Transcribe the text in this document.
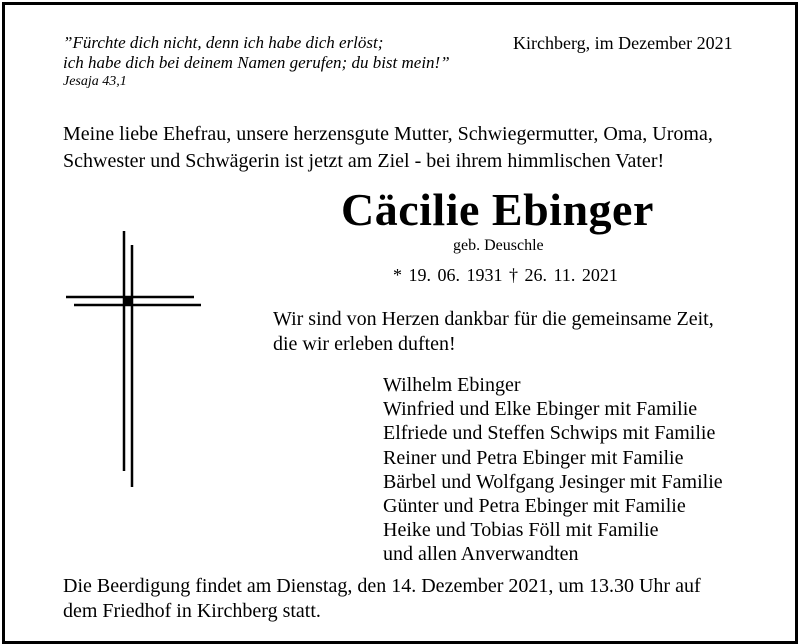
”Fürchte dich nicht, denn ich habe dich erlöst;
ich habe dich bei deinem Namen gerufen; du bist mein!”
Jesaja 43,1
Kirchberg, im Dezember 2021
Meine liebe Ehefrau, unsere herzensgute Mutter, Schwiegermutter, Oma, Uroma,
Schwester und Schwägerin ist jetzt am Ziel - bei ihrem himmlischen Vater!
Cäcilie Ebinger
geb. Deuschle
* 19. 06. 1931 † 26. 11. 2021
Wir sind von Herzen dankbar für die gemeinsame Zeit,
die wir erleben duften!
Wilhelm Ebinger
Winfried und Elke Ebinger mit Familie
Elfriede und Steffen Schwips mit Familie
Reiner und Petra Ebinger mit Familie
Bärbel und Wolfgang Jesinger mit Familie
Günter und Petra Ebinger mit Familie
Heike und Tobias Föll mit Familie
und allen Anverwandten
Die Beerdigung findet am Dienstag, den 14. Dezember 2021, um 13.30 Uhr auf
dem Friedhof in Kirchberg statt.
